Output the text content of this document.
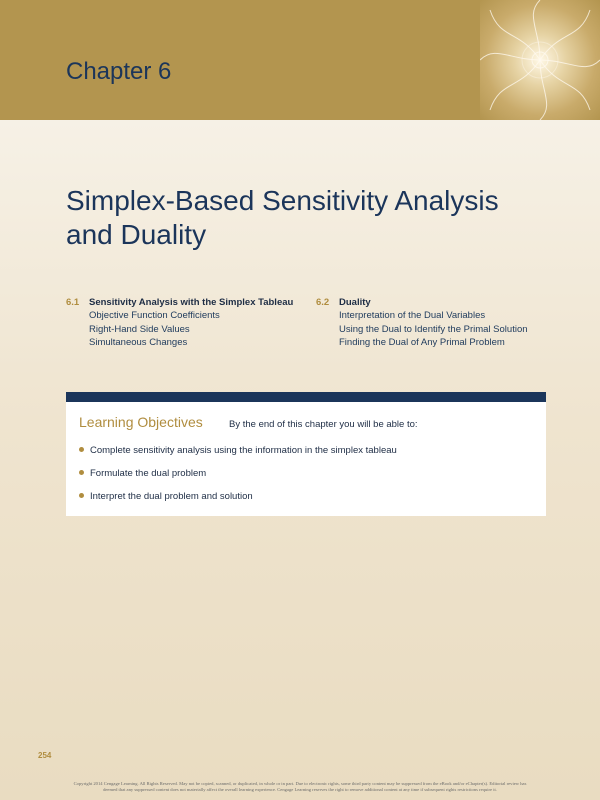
Chapter 6
Simplex-Based Sensitivity Analysis
and Duality
6.1 Sensitivity Analysis with the Simplex Tableau
Objective Function Coefficients
Right-Hand Side Values
Simultaneous Changes
6.2 Duality
Interpretation of the Dual Variables
Using the Dual to Identify the Primal Solution
Finding the Dual of Any Primal Problem
Learning Objectives	By the end of this chapter you will be able to:
Complete sensitivity analysis using the information in the simplex tableau
Formulate the dual problem
Interpret the dual problem and solution
254
Copyright 2014 Cengage Learning. All Rights Reserved. May not be copied, scanned, or duplicated, in whole or in part. Due to electronic rights, some third party content may be suppressed from the eBook and/or eChapter(s). Editorial review has
deemed that any suppressed content does not materially affect the overall learning experience. Cengage Learning reserves the right to remove additional content at any time if subsequent rights restrictions require it.
